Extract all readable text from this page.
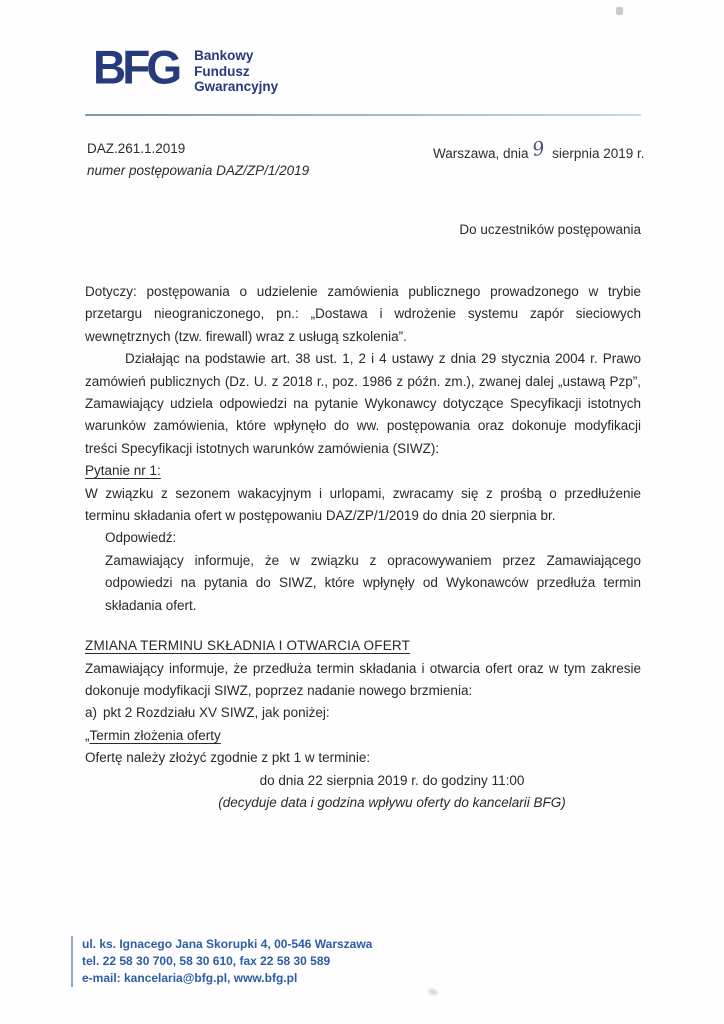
BFG Bankowy
Fundusz
Gwarancyjny
DAZ.261.1.2019
numer postępowania DAZ/ZP/1/2019
Warszawa, dnia 9 sierpnia 2019 r.
Do uczestników postępowania

Dotyczy: postępowania o udzielenie zamówienia publicznego prowadzonego w trybie przetargu nieograniczonego, pn.: „Dostawa i wdrożenie systemu zapór sieciowych wewnętrznych (tzw. firewall) wraz z usługą szkolenia”.

Działając na podstawie art. 38 ust. 1, 2 i 4 ustawy z dnia 29 stycznia 2004 r. Prawo zamówień publicznych (Dz. U. z 2018 r., poz. 1986 z późn. zm.), zwanej dalej „ustawą Pzp”, Zamawiający udziela odpowiedzi na pytanie Wykonawcy dotyczące Specyfikacji istotnych warunków zamówienia, które wpłynęło do ww. postępowania oraz dokonuje modyfikacji treści Specyfikacji istotnych warunków zamówienia (SIWZ):

Pytanie nr 1:

W związku z sezonem wakacyjnym i urlopami, zwracamy się z prośbą o przedłużenie terminu składania ofert w postępowaniu DAZ/ZP/1/2019 do dnia 20 sierpnia br.

Odpowiedź:

Zamawiający informuje, że w związku z opracowywaniem przez Zamawiającego odpowiedzi na pytania do SIWZ, które wpłynęły od Wykonawców przedłuża termin składania ofert.

ZMIANA TERMINU SKŁADNIA I OTWARCIA OFERT

Zamawiający informuje, że przedłuża termin składania i otwarcia ofert oraz w tym zakresie dokonuje modyfikacji SIWZ, poprzez nadanie nowego brzmienia:

a) pkt 2 Rozdziału XV SIWZ, jak poniżej:

„Termin złożenia oferty

Ofertę należy złożyć zgodnie z pkt 1 w terminie:

do dnia 22 sierpnia 2019 r. do godziny 11:00

(decyduje data i godzina wpływu oferty do kancelarii BFG)

ul. ks. Ignacego Jana Skorupki 4, 00-546 Warszawa
tel. 22 58 30 700, 58 30 610, fax 22 58 30 589
e-mail: kancelaria@bfg.pl, www.bfg.pl
